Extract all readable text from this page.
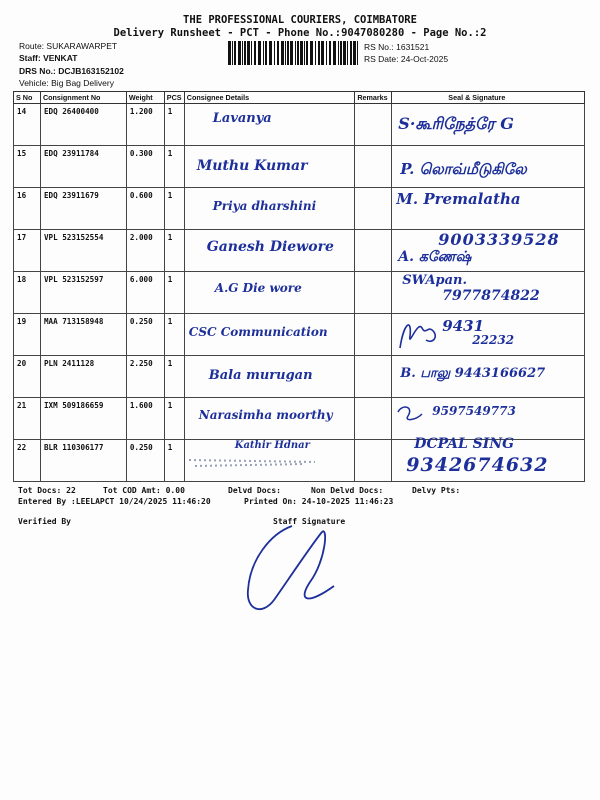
THE PROFESSIONAL COURIERS, COIMBATORE
Delivery Runsheet - PCT - Phone No.:9047080280 - Page No.:2
Route: SUKARAWARPET
Staff: VENKAT
DRS No.: DCJB163152102
Vehicle: Big Bag Delivery
RS No.: 1631521
RS Date: 24-Oct-2025
S No	Consignment No	Weight	PCS	Consignee Details	Remarks	Seal & Signature
14	EDQ 26400400	1.200	1	Lavanya		S·கூரிநேத்ரே G

15	EDQ 23911784	0.300	1	Muthu Kumar		P. லொவ்மீடுகிலே

16	EDQ 23911679	0.600	1	Priya dharshini		M. Premalatha

17	VPL 523152554	2.000	1	Ganesh Diewore		9003339528
A. கணேஷ்

18	VPL 523152597	6.000	1	A.G Die wore		SWApan.
7977874822

19	MAA 713158948	0.250	1	CSC Communication		9431
22232

20	PLN 2411128	2.250	1	Bala murugan		B. பாலு 9443166627

21	IXM 509186659	1.600	1	Narasimha moorthy		9597549773

22	BLR 110306177	0.250	1	Kathir Hdnar		DCPAL SING
9342674632
Tot Docs: 22	Tot COD Amt: 0.00	Delvd Docs:	Non Delvd Docs:	Delvy Pts:
Entered By :LEELAPCT 10/24/2025 11:46:20	Printed On: 24-10-2025 11:46:23
Verified By	Staff Signature
